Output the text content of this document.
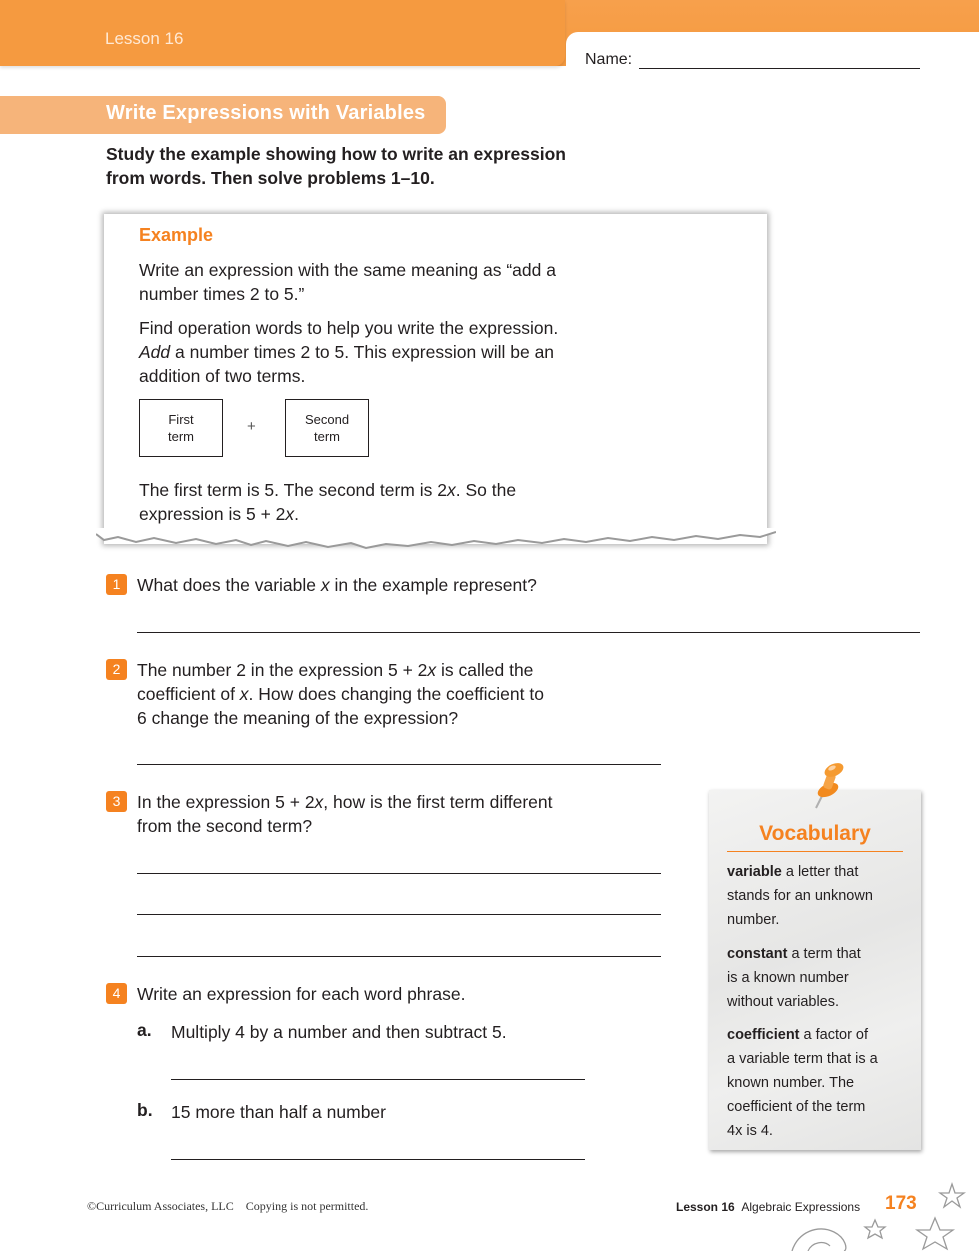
Lesson 16
Name:
Write Expressions with Variables
Study the example showing how to write an expression
from words. Then solve problems 1–10.
Example
Write an expression with the same meaning as “add a
number times 2 to 5.”
Find operation words to help you write the expression.
Add a number times 2 to 5. This expression will be an
addition of two terms.
First
term
+	Second
term
The first term is 5. The second term is 2x. So the
expression is 5 + 2x.
1 What does the variable x in the example represent?
2 The number 2 in the expression 5 + 2x is called the
coefficient of x. How does changing the coefficient to
6 change the meaning of the expression?
3 In the expression 5 + 2x, how is the first term different
from the second term?
4 Write an expression for each word phrase.
a. Multiply 4 by a number and then subtract 5.
b. 15 more than half a number
Vocabulary
variable a letter that
stands for an unknown
number.
constant a term that
is a known number
without variables.
coefficient a factor of
a variable term that is a
known number. The
coefficient of the term
4x is 4.
©Curriculum Associates, LLC    Copying is not permitted.	Lesson 16 Algebraic Expressions 173
